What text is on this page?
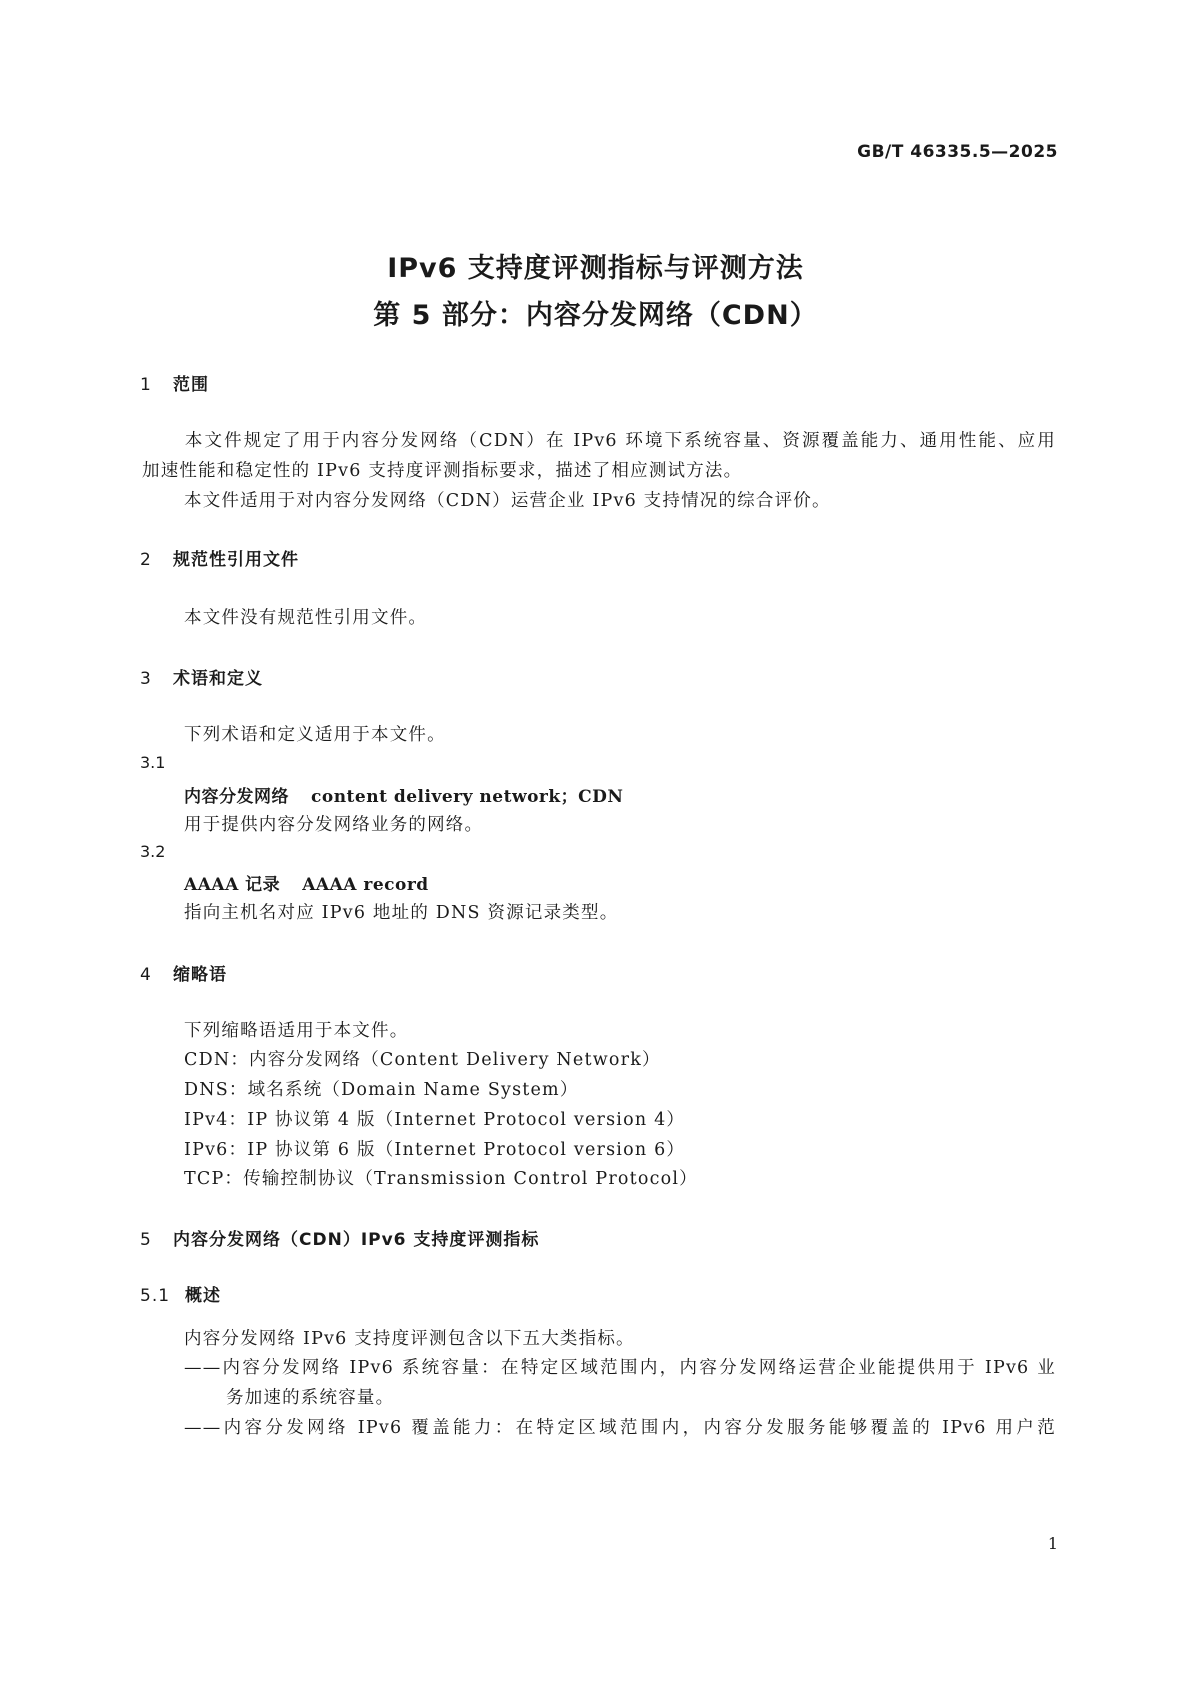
GB/T 46335.5—2025
IPv6 支持度评测指标与评测方法
第 5 部分：内容分发网络（CDN）
1 范围
本文件规定了用于内容分发网络（CDN）在 IPv6 环境下系统容量、资源覆盖能力、通用性能、应用
加速性能和稳定性的 IPv6 支持度评测指标要求，描述了相应测试方法。
本文件适用于对内容分发网络（CDN）运营企业 IPv6 支持情况的综合评价。
2 规范性引用文件
本文件没有规范性引用文件。
3 术语和定义
下列术语和定义适用于本文件。
3.1
内容分发网络 content delivery network；CDN
用于提供内容分发网络业务的网络。
3.2
AAAA 记录 AAAA record
指向主机名对应 IPv6 地址的 DNS 资源记录类型。
4 缩略语
下列缩略语适用于本文件。
CDN：内容分发网络（Content Delivery Network）
DNS：域名系统（Domain Name System）
IPv4：IP 协议第 4 版（Internet Protocol version 4）
IPv6：IP 协议第 6 版（Internet Protocol version 6）
TCP：传输控制协议（Transmission Control Protocol）
5 内容分发网络（CDN）IPv6 支持度评测指标
5.1 概述
内容分发网络 IPv6 支持度评测包含以下五大类指标。
——内容分发网络 IPv6 系统容量：在特定区域范围内，内容分发网络运营企业能提供用于 IPv6 业
务加速的系统容量。
——内容分发网络 IPv6 覆盖能力：在特定区域范围内，内容分发服务能够覆盖的 IPv6 用户范
1
